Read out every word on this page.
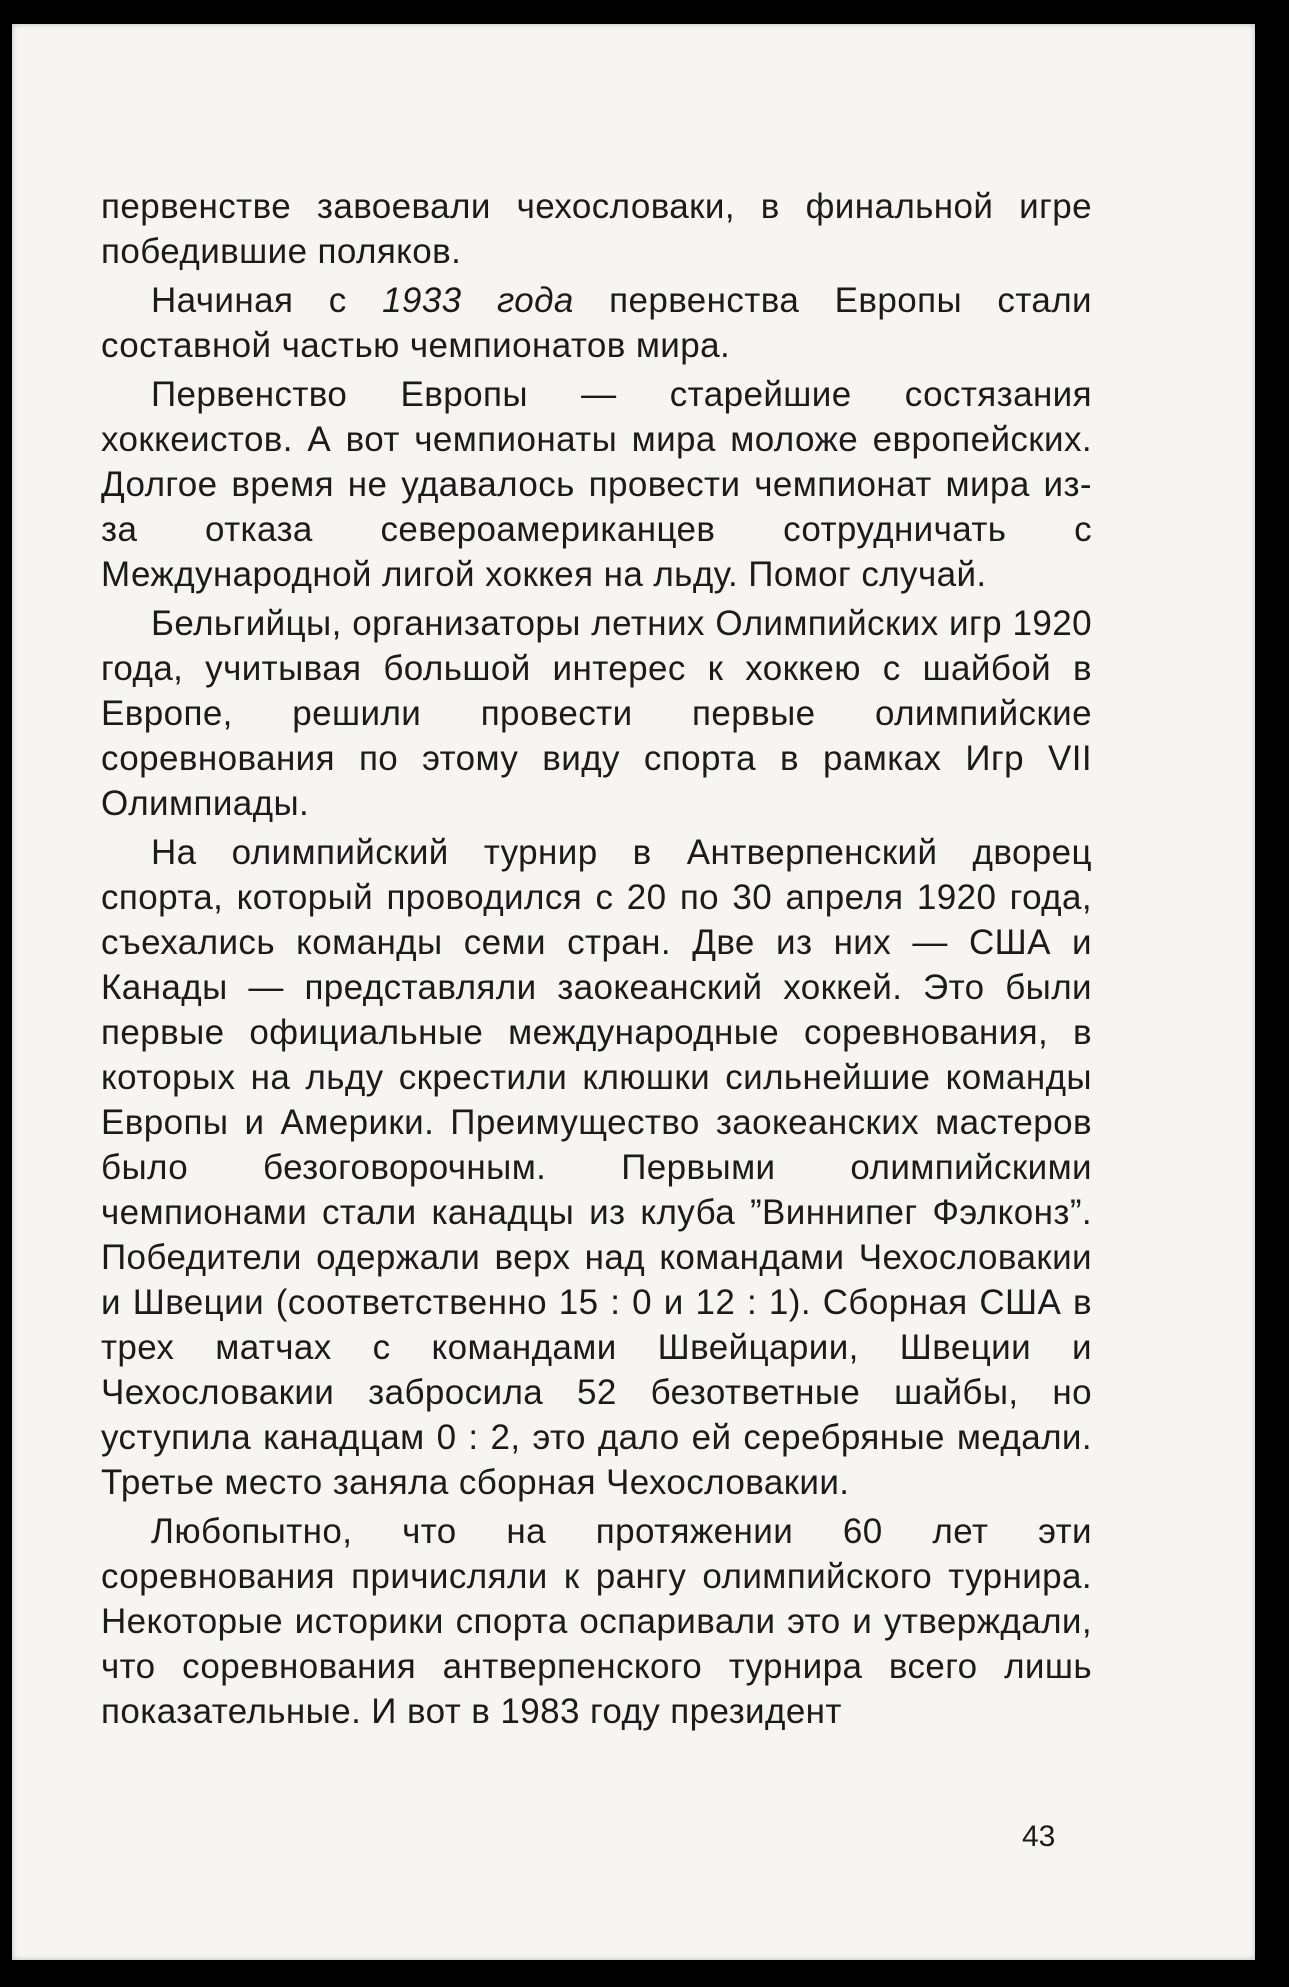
первенстве завоевали чехословаки, в финальной игре победившие поляков.

Начиная с 1933 года первенства Европы стали составной частью чемпионатов мира.

Первенство Европы — старейшие состязания хоккеистов. А вот чемпионаты мира моложе европейских. Долгое время не удавалось провести чемпионат мира из-за отказа североамериканцев сотрудничать с Международной лигой хоккея на льду. Помог случай.

Бельгийцы, организаторы летних Олимпийских игр 1920 года, учитывая большой интерес к хоккею с шайбой в Европе, решили провести первые олимпийские соревнования по этому виду спорта в рамках Игр VII Олимпиады.

На олимпийский турнир в Антверпенский дворец спорта, который проводился с 20 по 30 апреля 1920 года, съехались команды семи стран. Две из них — США и Канады — представляли заокеанский хоккей. Это были первые официальные международные соревнования, в которых на льду скрестили клюшки сильнейшие команды Европы и Америки. Преимущество заокеанских мастеров было безоговорочным. Первыми олимпийскими чемпионами стали канадцы из клуба ”Виннипег Фэлконз”. Победители одержали верх над командами Чехословакии и Швеции (соответственно 15 : 0 и 12 : 1). Сборная США в трех матчах с командами Швейцарии, Швеции и Чехословакии забросила 52 безответные шайбы, но уступила канадцам 0 : 2, это дало ей серебряные медали. Третье место заняла сборная Чехословакии.

Любопытно, что на протяжении 60 лет эти соревнования причисляли к рангу олимпийского турнира. Некоторые историки спорта оспаривали это и утверждали, что соревнования антверпенского турнира всего лишь показательные. И вот в 1983 году президент

43
